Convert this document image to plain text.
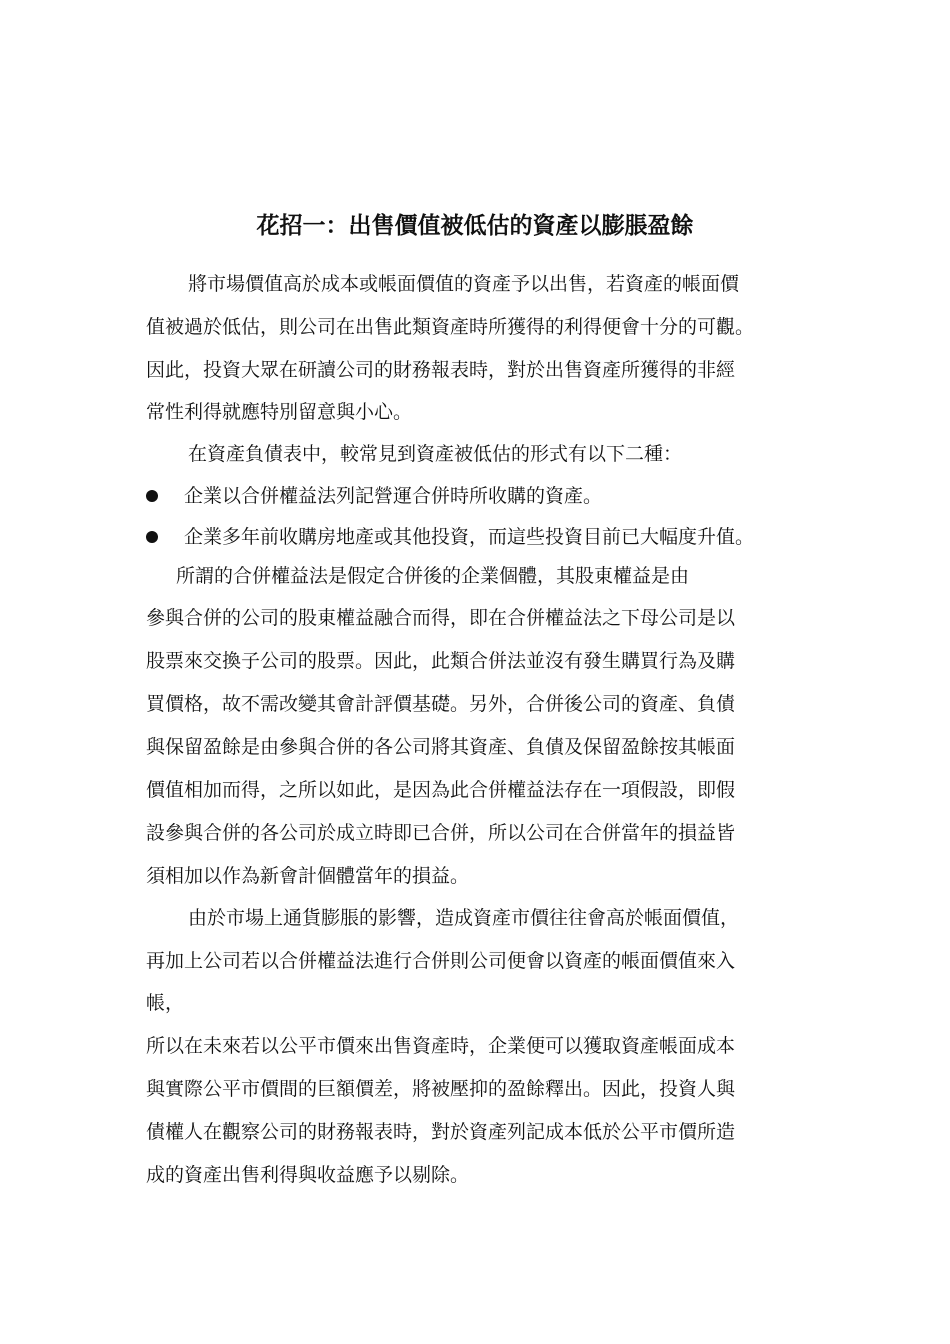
花招一：出售價值被低估的資產以膨脹盈餘
將市場價值高於成本或帳面價值的資產予以出售，若資產的帳面價
值被過於低估，則公司在出售此類資產時所獲得的利得便會十分的可觀。
因此，投資大眾在研讀公司的財務報表時，對於出售資產所獲得的非經
常性利得就應特別留意與小心。
在資產負債表中，較常見到資產被低估的形式有以下二種：
企業以合併權益法列記營運合併時所收購的資產。
企業多年前收購房地產或其他投資，而這些投資目前已大幅度升值。
所謂的合併權益法是假定合併後的企業個體，其股東權益是由
參與合併的公司的股東權益融合而得，即在合併權益法之下母公司是以
股票來交換子公司的股票。因此，此類合併法並沒有發生購買行為及購
買價格，故不需改變其會計評價基礎。另外，合併後公司的資產、負債
與保留盈餘是由參與合併的各公司將其資產、負債及保留盈餘按其帳面
價值相加而得，之所以如此，是因為此合併權益法存在一項假設，即假
設參與合併的各公司於成立時即已合併，所以公司在合併當年的損益皆
須相加以作為新會計個體當年的損益。
由於市場上通貨膨脹的影響，造成資產市價往往會高於帳面價值，
再加上公司若以合併權益法進行合併則公司便會以資產的帳面價值來入
帳，
所以在未來若以公平市價來出售資產時，企業便可以獲取資產帳面成本
與實際公平市價間的巨額價差，將被壓抑的盈餘釋出。因此，投資人與
債權人在觀察公司的財務報表時，對於資產列記成本低於公平市價所造
成的資產出售利得與收益應予以剔除。
